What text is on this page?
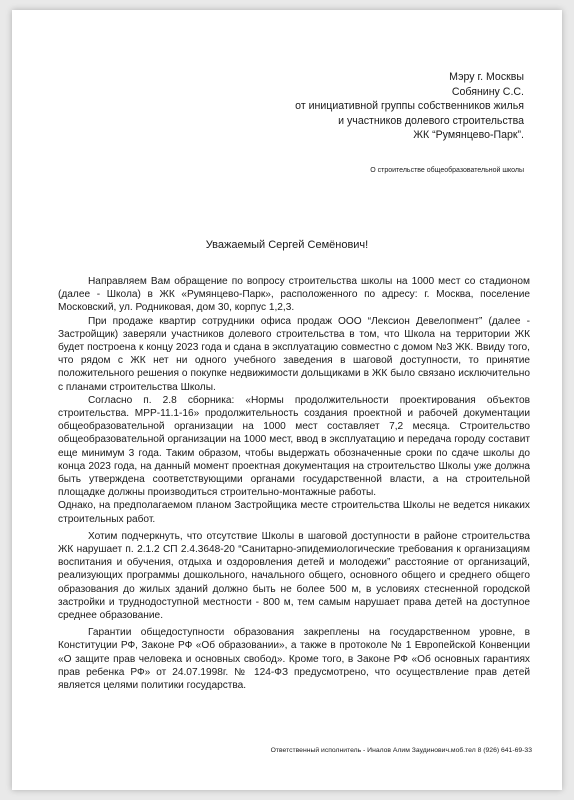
Мэру г. Москвы
Собянину С.С.
от инициативной группы собственников жилья
и участников долевого строительства
ЖК “Румянцево-Парк”.
О строительстве общеобразовательной школы
Уважаемый Сергей Семёнович!

Направляем Вам обращение по вопросу строительства школы на 1000 мест со стадионом (далее - Школа) в ЖК «Румянцево-Парк», расположенного по адресу: г. Москва, поселение Московский, ул. Родниковая, дом 30, корпус 1,2,3.

При продаже квартир сотрудники офиса продаж ООО “Лексион Девелопмент” (далее - Застройщик) заверяли участников долевого строительства в том, что Школа на территории ЖК будет построена к концу 2023 года и сдана в эксплуатацию совместно с домом №3 ЖК. Ввиду того, что рядом с ЖК нет ни одного учебного заведения в шаговой доступности, то принятие положительного решения о покупке недвижимости дольщиками в ЖК было связано исключительно с планами строительства Школы.

Согласно п. 2.8 сборника: «Нормы продолжительности проектирования объектов строительства. МРР-11.1-16» продолжительность создания проектной и рабочей документации общеобразовательной организации на 1000 мест составляет 7,2 месяца. Строительство общеобразовательной организации на 1000 мест, ввод в эксплуатацию и передача городу составит еще минимум 3 года. Таким образом, чтобы выдержать обозначенные сроки по сдаче школы до конца 2023 года, на данный момент проектная документация на строительство Школы уже должна быть утверждена соответствующими органами государственной власти, а на строительной площадке должны производиться строительно-монтажные работы.

Однако, на предполагаемом планом Застройщика месте строительства Школы не ведется никаких строительных работ.

Хотим подчеркнуть, что отсутствие Школы в шаговой доступности в районе строительства ЖК нарушает п. 2.1.2 СП 2.4.3648-20 “Санитарно-эпидемиологические требования к организациям воспитания и обучения, отдыха и оздоровления детей и молодежи” расстояние от организаций, реализующих программы дошкольного, начального общего, основного общего и среднего общего образования до жилых зданий должно быть не более 500 м, в условиях стесненной городской застройки и труднодоступной местности - 800 м, тем самым нарушает права детей на доступное среднее образование.

Гарантии общедоступности образования закреплены на государственном уровне, в Конституции РФ, Законе РФ «Об образовании», а также в протоколе № 1 Европейской Конвенции «О защите прав человека и основных свобод». Кроме того, в Законе РФ «Об основных гарантиях прав ребенка РФ» от 24.07.1998г. № 124-ФЗ предусмотрено, что осуществление прав детей является целями политики государства.

Ответственный исполнитель - Иналов Алим Заудинович.моб.тел 8 (926) 641-69-33
